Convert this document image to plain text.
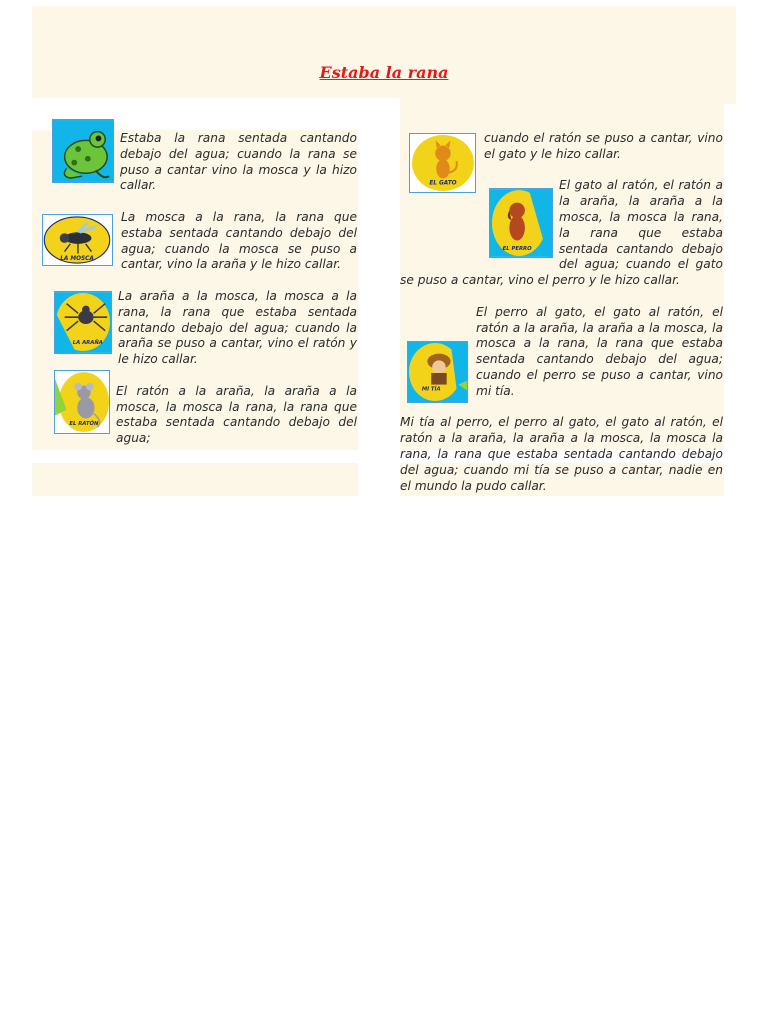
Estaba la rana

Estaba la rana sentada cantando debajo del agua; cuando la rana se puso a cantar vino la mosca y la hizo callar.

LA MOSCA

La mosca a la rana, la rana que estaba sentada cantando debajo del agua; cuando la mosca se puso a cantar, vino la araña y le hizo callar.

LA ARAÑA

La araña a la mosca, la mosca a la rana, la rana que estaba sentada cantando debajo del agua; cuando la araña se puso a cantar, vino el ratón y le hizo callar.

EL RATÓN

El ratón a la araña, la araña a la mosca, la mosca la rana, la rana que estaba sentada cantando debajo del agua;

EL GATO

cuando el ratón se puso a cantar, vino el gato y le hizo callar.

EL PERRO
El gato al ratón, el ratón a la araña, la araña a la mosca, la mosca la rana, la rana que estaba sentada cantando debajo del agua; cuando el gato se puso a cantar, vino el perro y le hizo callar.

MI TÍA
El perro al gato, el gato al ratón, el ratón a la araña, la araña a la mosca, la mosca a la rana, la rana que estaba sentada cantando debajo del agua; cuando el perro se puso a cantar, vino mi tía.

Mi tía al perro, el perro al gato, el gato al ratón, el ratón a la araña, la araña a la mosca, la mosca la rana, la rana que estaba sentada cantando debajo del agua; cuando mi tía se puso a cantar, nadie en el mundo la pudo callar.
